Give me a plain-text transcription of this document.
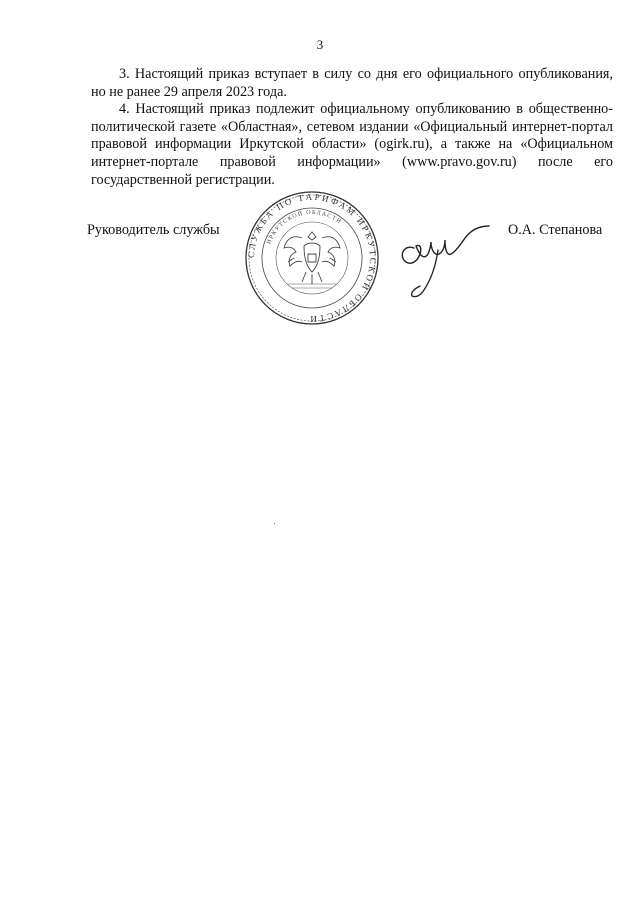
3

3. Настоящий приказ вступает в силу со дня его официального опубликования, но не ранее 29 апреля 2023 года.

4. Настоящий приказ подлежит официальному опубликованию в общественно-политической газете «Областная», сетевом издании «Официальный интернет-портал правовой информации Иркутской области» (ogirk.ru), а также на «Официальном интернет-портале правовой информации» (www.pravo.gov.ru) после его государственной регистрации.

Руководитель службы
СЛУЖБА ПО ТАРИФАМ ИРКУТСКОЙ ОБЛАСТИ
ИРКУТСКОЙ ОБЛАСТИ
О.А. Степанова
